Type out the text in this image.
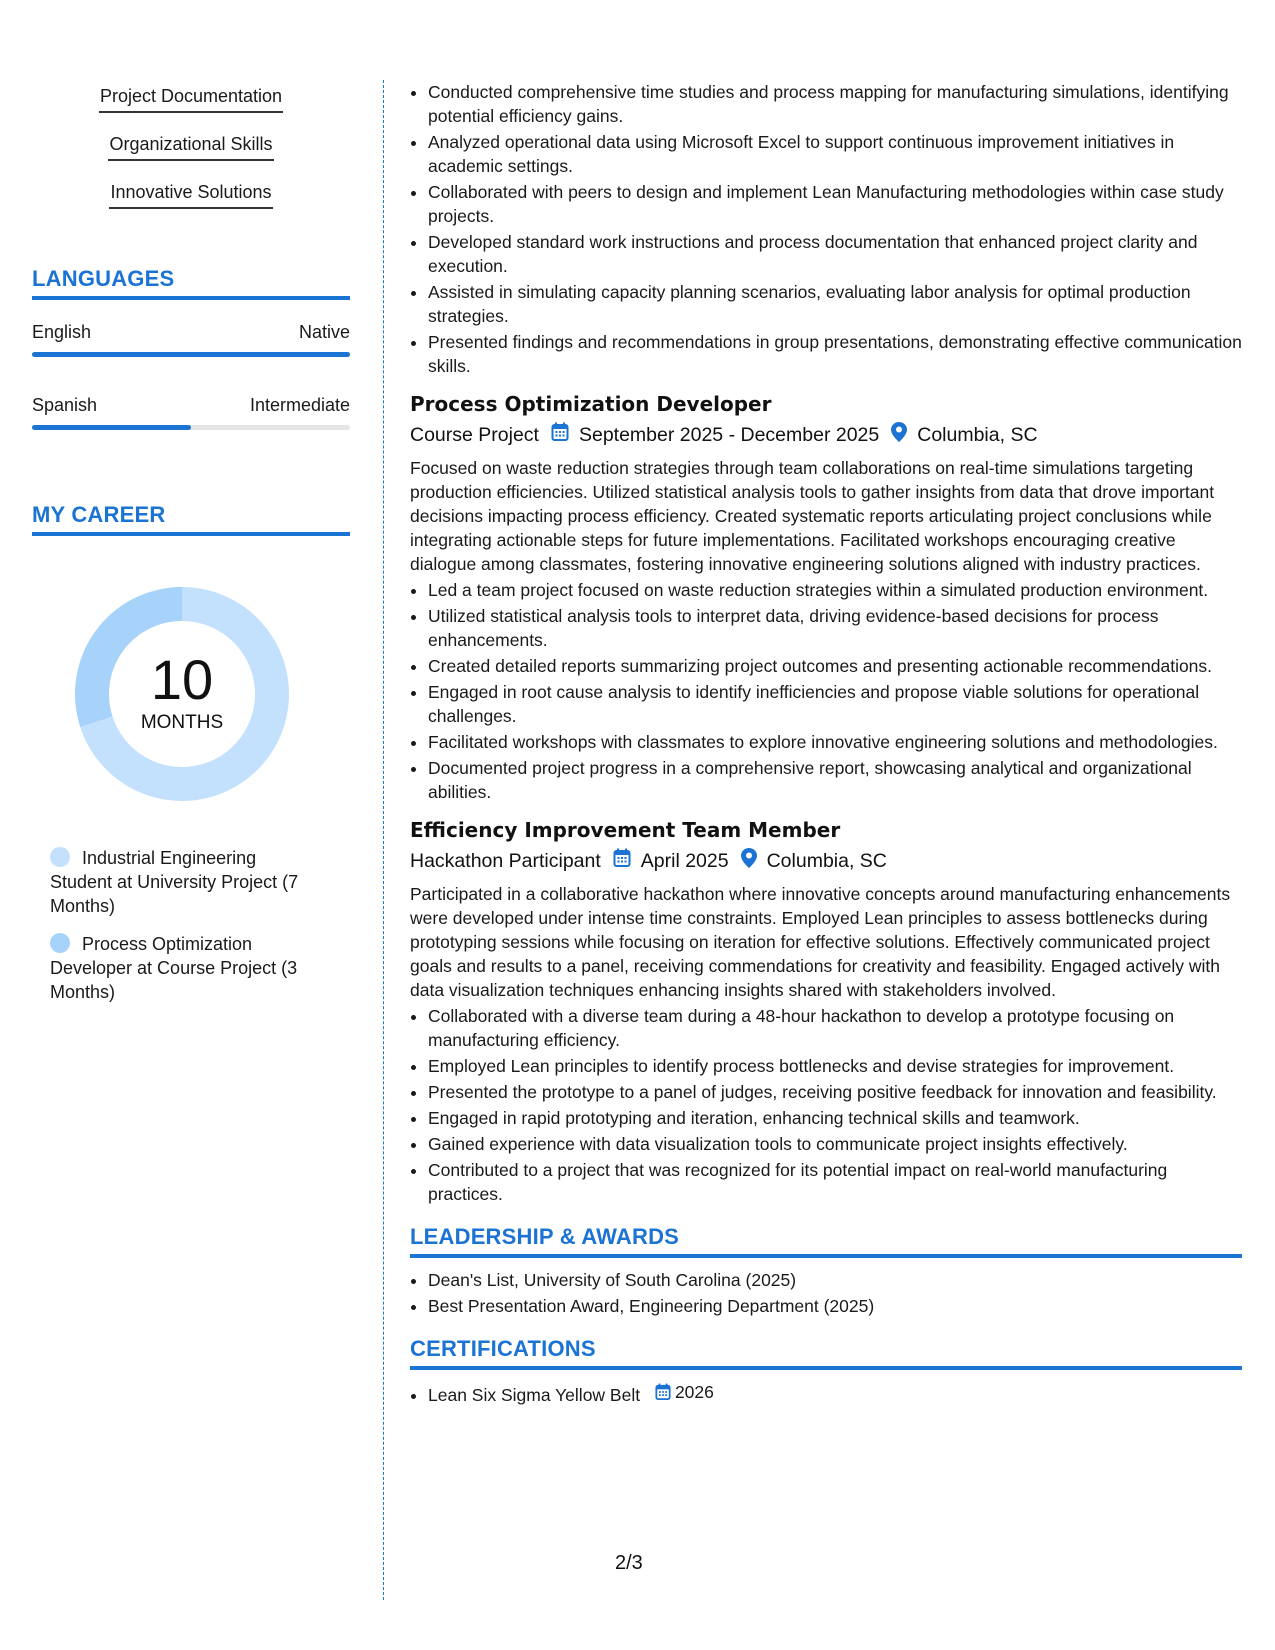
Project Documentation
Organizational Skills
Innovative Solutions
LANGUAGES
English	Native
Spanish	Intermediate
MY CAREER
10
MONTHS
Industrial Engineering Student at University Project (7 Months)
Process Optimization Developer at Course Project (3 Months)
• Conducted comprehensive time studies and process mapping for manufacturing simulations, identifying potential efficiency gains.
• Analyzed operational data using Microsoft Excel to support continuous improvement initiatives in academic settings.
• Collaborated with peers to design and implement Lean Manufacturing methodologies within case study projects.
• Developed standard work instructions and process documentation that enhanced project clarity and execution.
• Assisted in simulating capacity planning scenarios, evaluating labor analysis for optimal production strategies.
• Presented findings and recommendations in group presentations, demonstrating effective communication skills.
Process Optimization Developer
Course Project September 2025 - December 2025 Columbia, SC

Focused on waste reduction strategies through team collaborations on real-time simulations targeting production efficiencies. Utilized statistical analysis tools to gather insights from data that drove important decisions impacting process efficiency. Created systematic reports articulating project conclusions while integrating actionable steps for future implementations. Facilitated workshops encouraging creative dialogue among classmates, fostering innovative engineering solutions aligned with industry practices.

• Led a team project focused on waste reduction strategies within a simulated production environment.
• Utilized statistical analysis tools to interpret data, driving evidence-based decisions for process enhancements.
• Created detailed reports summarizing project outcomes and presenting actionable recommendations.
• Engaged in root cause analysis to identify inefficiencies and propose viable solutions for operational challenges.
• Facilitated workshops with classmates to explore innovative engineering solutions and methodologies.
• Documented project progress in a comprehensive report, showcasing analytical and organizational abilities.
Efficiency Improvement Team Member
Hackathon Participant April 2025 Columbia, SC

Participated in a collaborative hackathon where innovative concepts around manufacturing enhancements were developed under intense time constraints. Employed Lean principles to assess bottlenecks during prototyping sessions while focusing on iteration for effective solutions. Effectively communicated project goals and results to a panel, receiving commendations for creativity and feasibility. Engaged actively with data visualization techniques enhancing insights shared with stakeholders involved.

• Collaborated with a diverse team during a 48-hour hackathon to develop a prototype focusing on manufacturing efficiency.
• Employed Lean principles to identify process bottlenecks and devise strategies for improvement.
• Presented the prototype to a panel of judges, receiving positive feedback for innovation and feasibility.
• Engaged in rapid prototyping and iteration, enhancing technical skills and teamwork.
• Gained experience with data visualization tools to communicate project insights effectively.
• Contributed to a project that was recognized for its potential impact on real-world manufacturing practices.
LEADERSHIP & AWARDS
• Dean's List, University of South Carolina (2025)
• Best Presentation Award, Engineering Department (2025)
CERTIFICATIONS
• Lean Six Sigma Yellow Belt 2026
2/3
